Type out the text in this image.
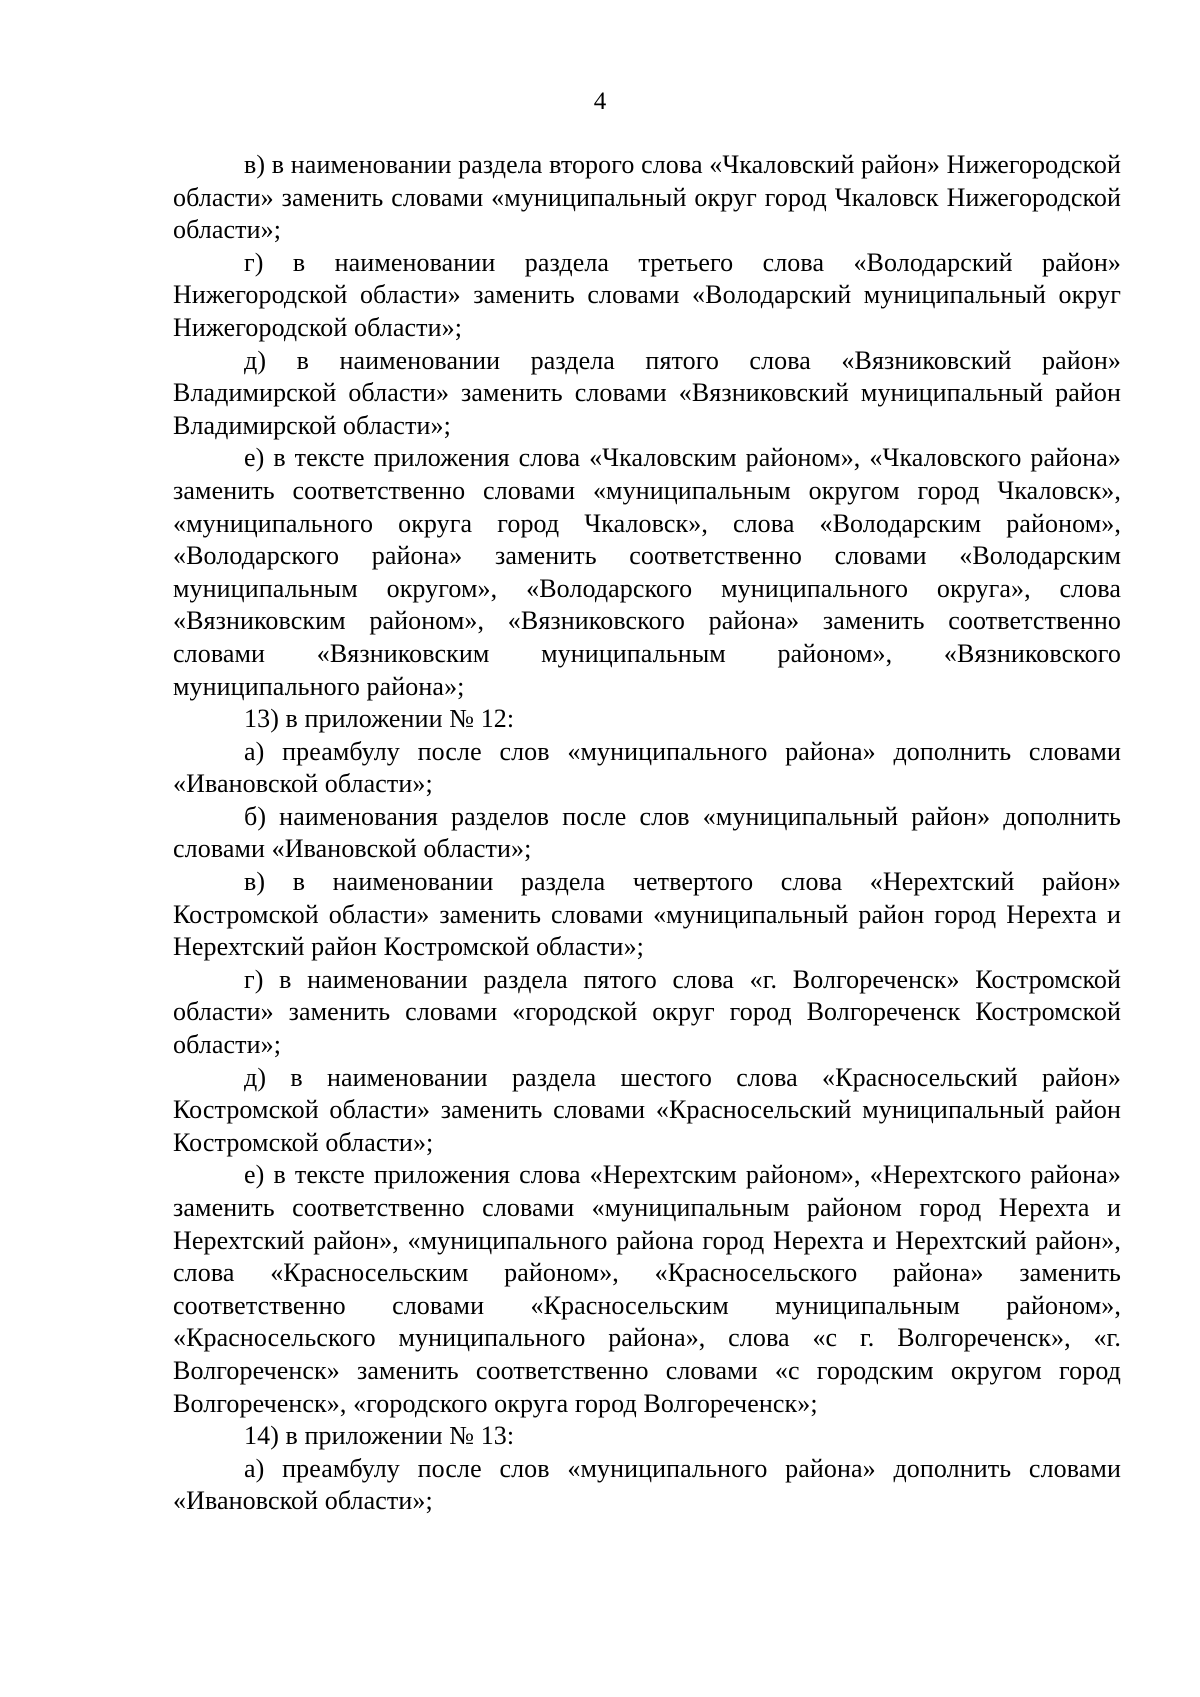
4

в) в наименовании раздела второго слова «Чкаловский район» Нижегородской области» заменить словами «муниципальный округ город Чкаловск Нижегородской области»;

г) в наименовании раздела третьего слова «Володарский район» Нижегородской области» заменить словами «Володарский муниципальный округ Нижегородской области»;

д) в наименовании раздела пятого слова «Вязниковский район» Владимирской области» заменить словами «Вязниковский муниципальный район Владимирской области»;

е) в тексте приложения слова «Чкаловским районом», «Чкаловского района» заменить соответственно словами «муниципальным округом город Чкаловск», «муниципального округа город Чкаловск», слова «Володарским районом», «Володарского района» заменить соответственно словами «Володарским муниципальным округом», «Володарского муниципального округа», слова «Вязниковским районом», «Вязниковского района» заменить соответственно словами «Вязниковским муниципальным районом», «Вязниковского муниципального района»;

13) в приложении № 12:

а) преамбулу после слов «муниципального района» дополнить словами «Ивановской области»;

б) наименования разделов после слов «муниципальный район» дополнить словами «Ивановской области»;

в) в наименовании раздела четвертого слова «Нерехтский район» Костромской области» заменить словами «муниципальный район город Нерехта и Нерехтский район Костромской области»;

г) в наименовании раздела пятого слова «г. Волгореченск» Костромской области» заменить словами «городской округ город Волгореченск Костромской области»;

д) в наименовании раздела шестого слова «Красносельский район» Костромской области» заменить словами «Красносельский муниципальный район Костромской области»;

е) в тексте приложения слова «Нерехтским районом», «Нерехтского района» заменить соответственно словами «муниципальным районом город Нерехта и Нерехтский район», «муниципального района город Нерехта и Нерехтский район», слова «Красносельским районом», «Красносельского района» заменить соответственно словами «Красносельским муниципальным районом», «Красносельского муниципального района», слова «с г. Волгореченск», «г. Волгореченск» заменить соответственно словами «с городским округом город Волгореченск», «городского округа город Волгореченск»;

14) в приложении № 13:

а) преамбулу после слов «муниципального района» дополнить словами «Ивановской области»;
